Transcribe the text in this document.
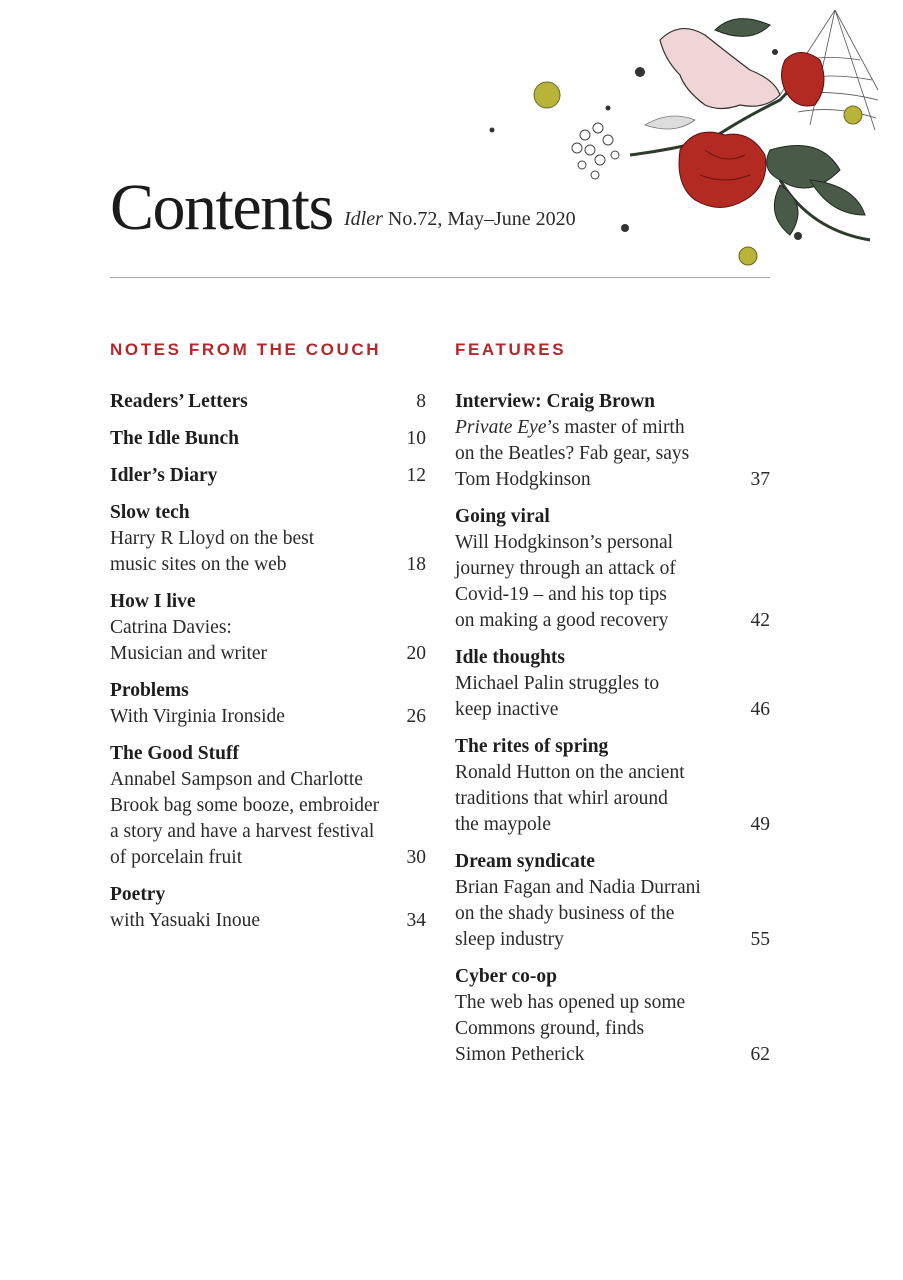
Contents Idler No.72, May–June 2020
NOTES FROM THE COUCH
Readers’ Letters	8
The Idle Bunch	10
Idler’s Diary	12
Slow tech
Harry R Lloyd on the best
music sites on the web	18
How I live
Catrina Davies:
Musician and writer	20
Problems
With Virginia Ironside	26
The Good Stuff
Annabel Sampson and Charlotte
Brook bag some booze, embroider
a story and have a harvest festival
of porcelain fruit	30
Poetry
with Yasuaki Inoue	34
FEATURES
Interview: Craig Brown
Private Eye’s master of mirth
on the Beatles? Fab gear, says
Tom Hodgkinson	37
Going viral
Will Hodgkinson’s personal
journey through an attack of
Covid-19 – and his top tips
on making a good recovery	42
Idle thoughts
Michael Palin struggles to
keep inactive	46
The rites of spring
Ronald Hutton on the ancient
traditions that whirl around
the maypole	49
Dream syndicate
Brian Fagan and Nadia Durrani
on the shady business of the
sleep industry	55
Cyber co-op
The web has opened up some
Commons ground, finds
Simon Petherick	62
